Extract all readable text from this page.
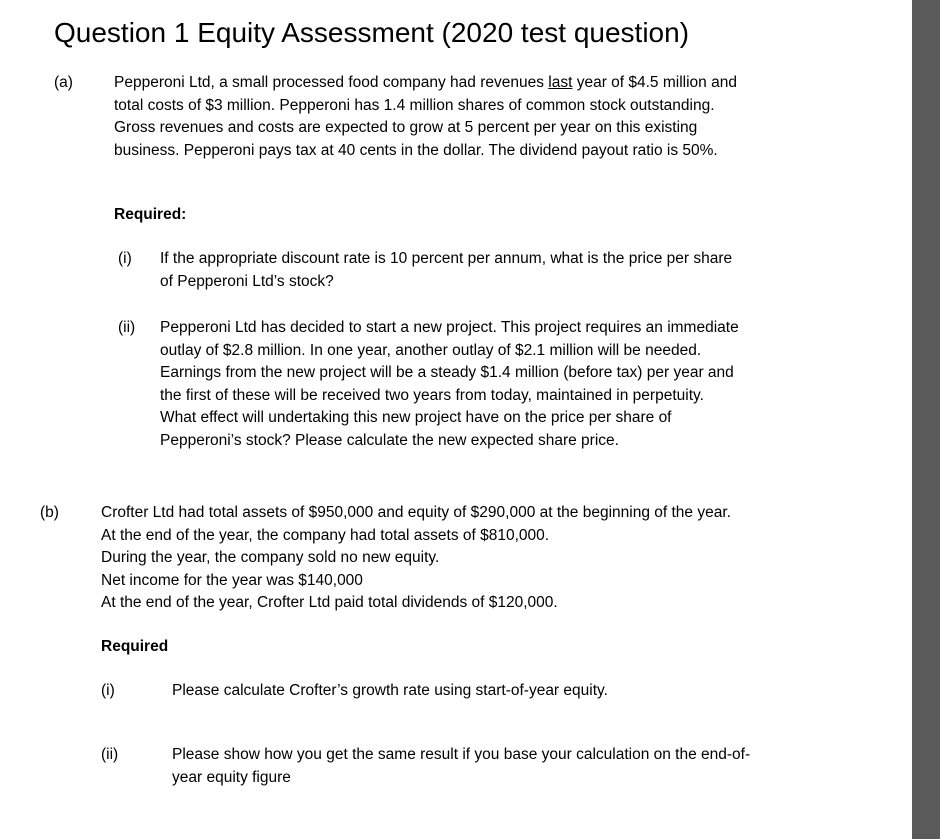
Question 1 Equity Assessment (2020 test question)
(a)	Pepperoni Ltd, a small processed food company had revenues last year of $4.5 million and
total costs of $3 million. Pepperoni has 1.4 million shares of common stock outstanding.
Gross revenues and costs are expected to grow at 5 percent per year on this existing
business. Pepperoni pays tax at 40 cents in the dollar. The dividend payout ratio is 50%.
Required:
(i) If the appropriate discount rate is 10 percent per annum, what is the price per share
of Pepperoni Ltd’s stock?
(ii) Pepperoni Ltd has decided to start a new project. This project requires an immediate
outlay of $2.8 million. In one year, another outlay of $2.1 million will be needed.
Earnings from the new project will be a steady $1.4 million (before tax) per year and
the first of these will be received two years from today, maintained in perpetuity.
What effect will undertaking this new project have on the price per share of
Pepperoni’s stock? Please calculate the new expected share price.
(b)	Crofter Ltd had total assets of $950,000 and equity of $290,000 at the beginning of the year.
At the end of the year, the company had total assets of $810,000.
During the year, the company sold no new equity.
Net income for the year was $140,000
At the end of the year, Crofter Ltd paid total dividends of $120,000.
Required
(i)	Please calculate Crofter’s growth rate using start-of-year equity.
(ii)	Please show how you get the same result if you base your calculation on the end-of-
year equity figure
